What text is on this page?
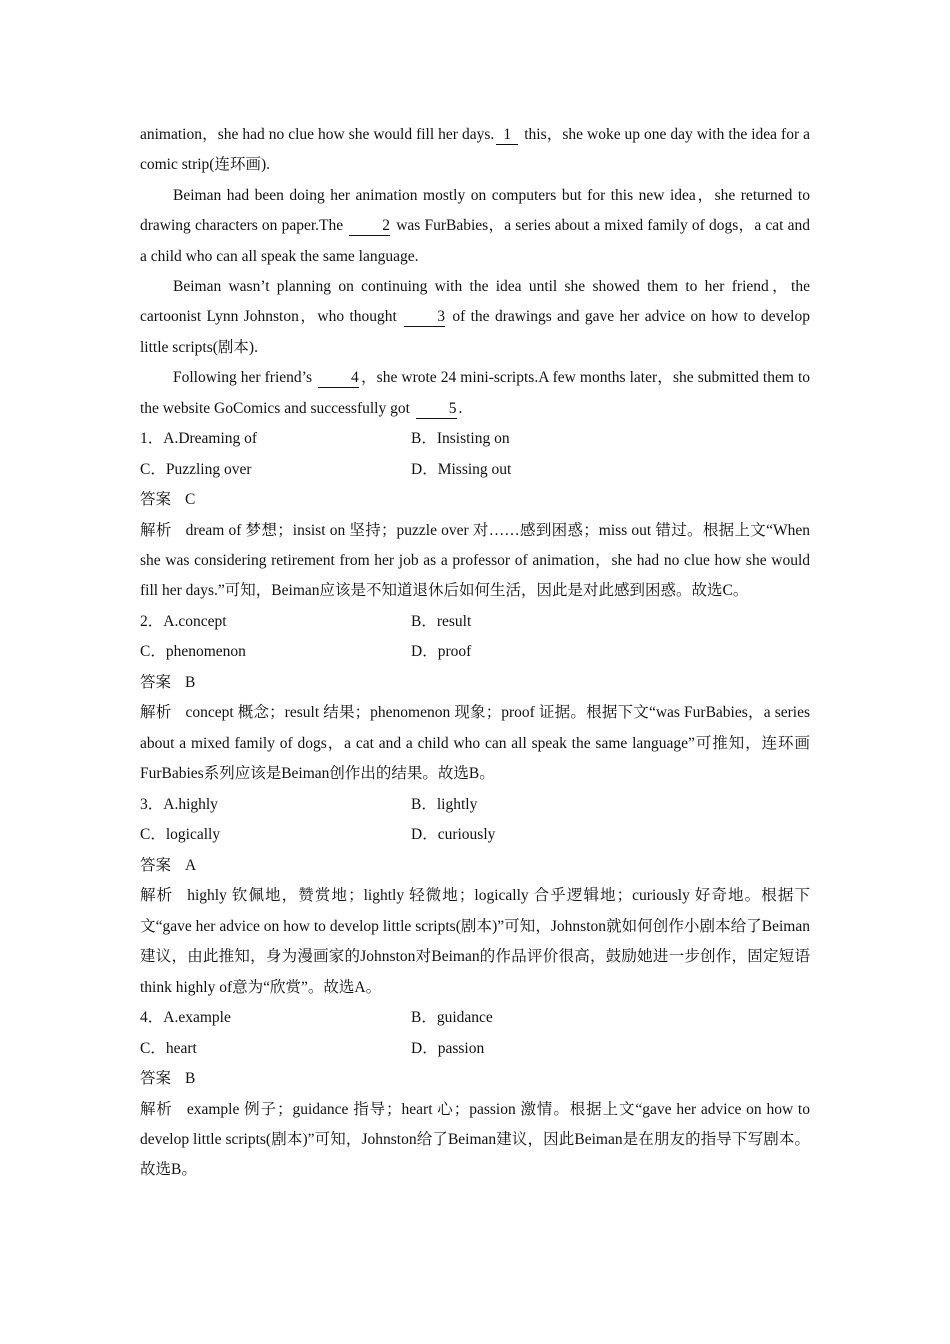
animation，she had no clue how she would fill her days. 1 this，she woke up one day with the idea for a comic strip(连环画).

Beiman had been doing her animation mostly on computers but for this new idea，she returned to drawing characters on paper.The 2 was FurBabies，a series about a mixed family of dogs，a cat and a child who can all speak the same language.

Beiman wasn’t planning on continuing with the idea until she showed them to her friend，the cartoonist Lynn Johnston，who thought 3 of the drawings and gave her advice on how to develop little scripts(剧本).

Following her friend’s 4 ，she wrote 24 mini-scripts.A few months later，she submitted them to the website GoComics and successfully got 5 .

1．A.Dreaming of	B．Insisting on
C．Puzzling over	D．Missing out

答案 C

解析 dream of 梦想；insist on 坚持；puzzle over 对……感到困惑；miss out 错过。根据上文“When she was considering retirement from her job as a professor of animation，she had no clue how she would fill her days.”可知，Beiman应该是不知道退休后如何生活，因此是对此感到困惑。故选C。

2．A.concept	B．result
C．phenomenon	D．proof

答案 B

解析 concept 概念；result 结果；phenomenon 现象；proof 证据。根据下文“was FurBabies，a series about a mixed family of dogs，a cat and a child who can all speak the same language”可推知，连环画FurBabies系列应该是Beiman创作出的结果。故选B。

3．A.highly	B．lightly
C．logically	D．curiously

答案 A

解析 highly 钦佩地，赞赏地；lightly 轻微地；logically 合乎逻辑地；curiously 好奇地。根据下文“gave her advice on how to develop little scripts(剧本)”可知，Johnston就如何创作小剧本给了Beiman建议，由此推知，身为漫画家的Johnston对Beiman的作品评价很高，鼓励她进一步创作，固定短语think highly of意为“欣赏”。故选A。

4．A.example	B．guidance
C．heart	D．passion

答案 B

解析 example 例子；guidance 指导；heart 心；passion 激情。根据上文“gave her advice on how to develop little scripts(剧本)”可知，Johnston给了Beiman建议，因此Beiman是在朋友的指导下写剧本。故选B。
